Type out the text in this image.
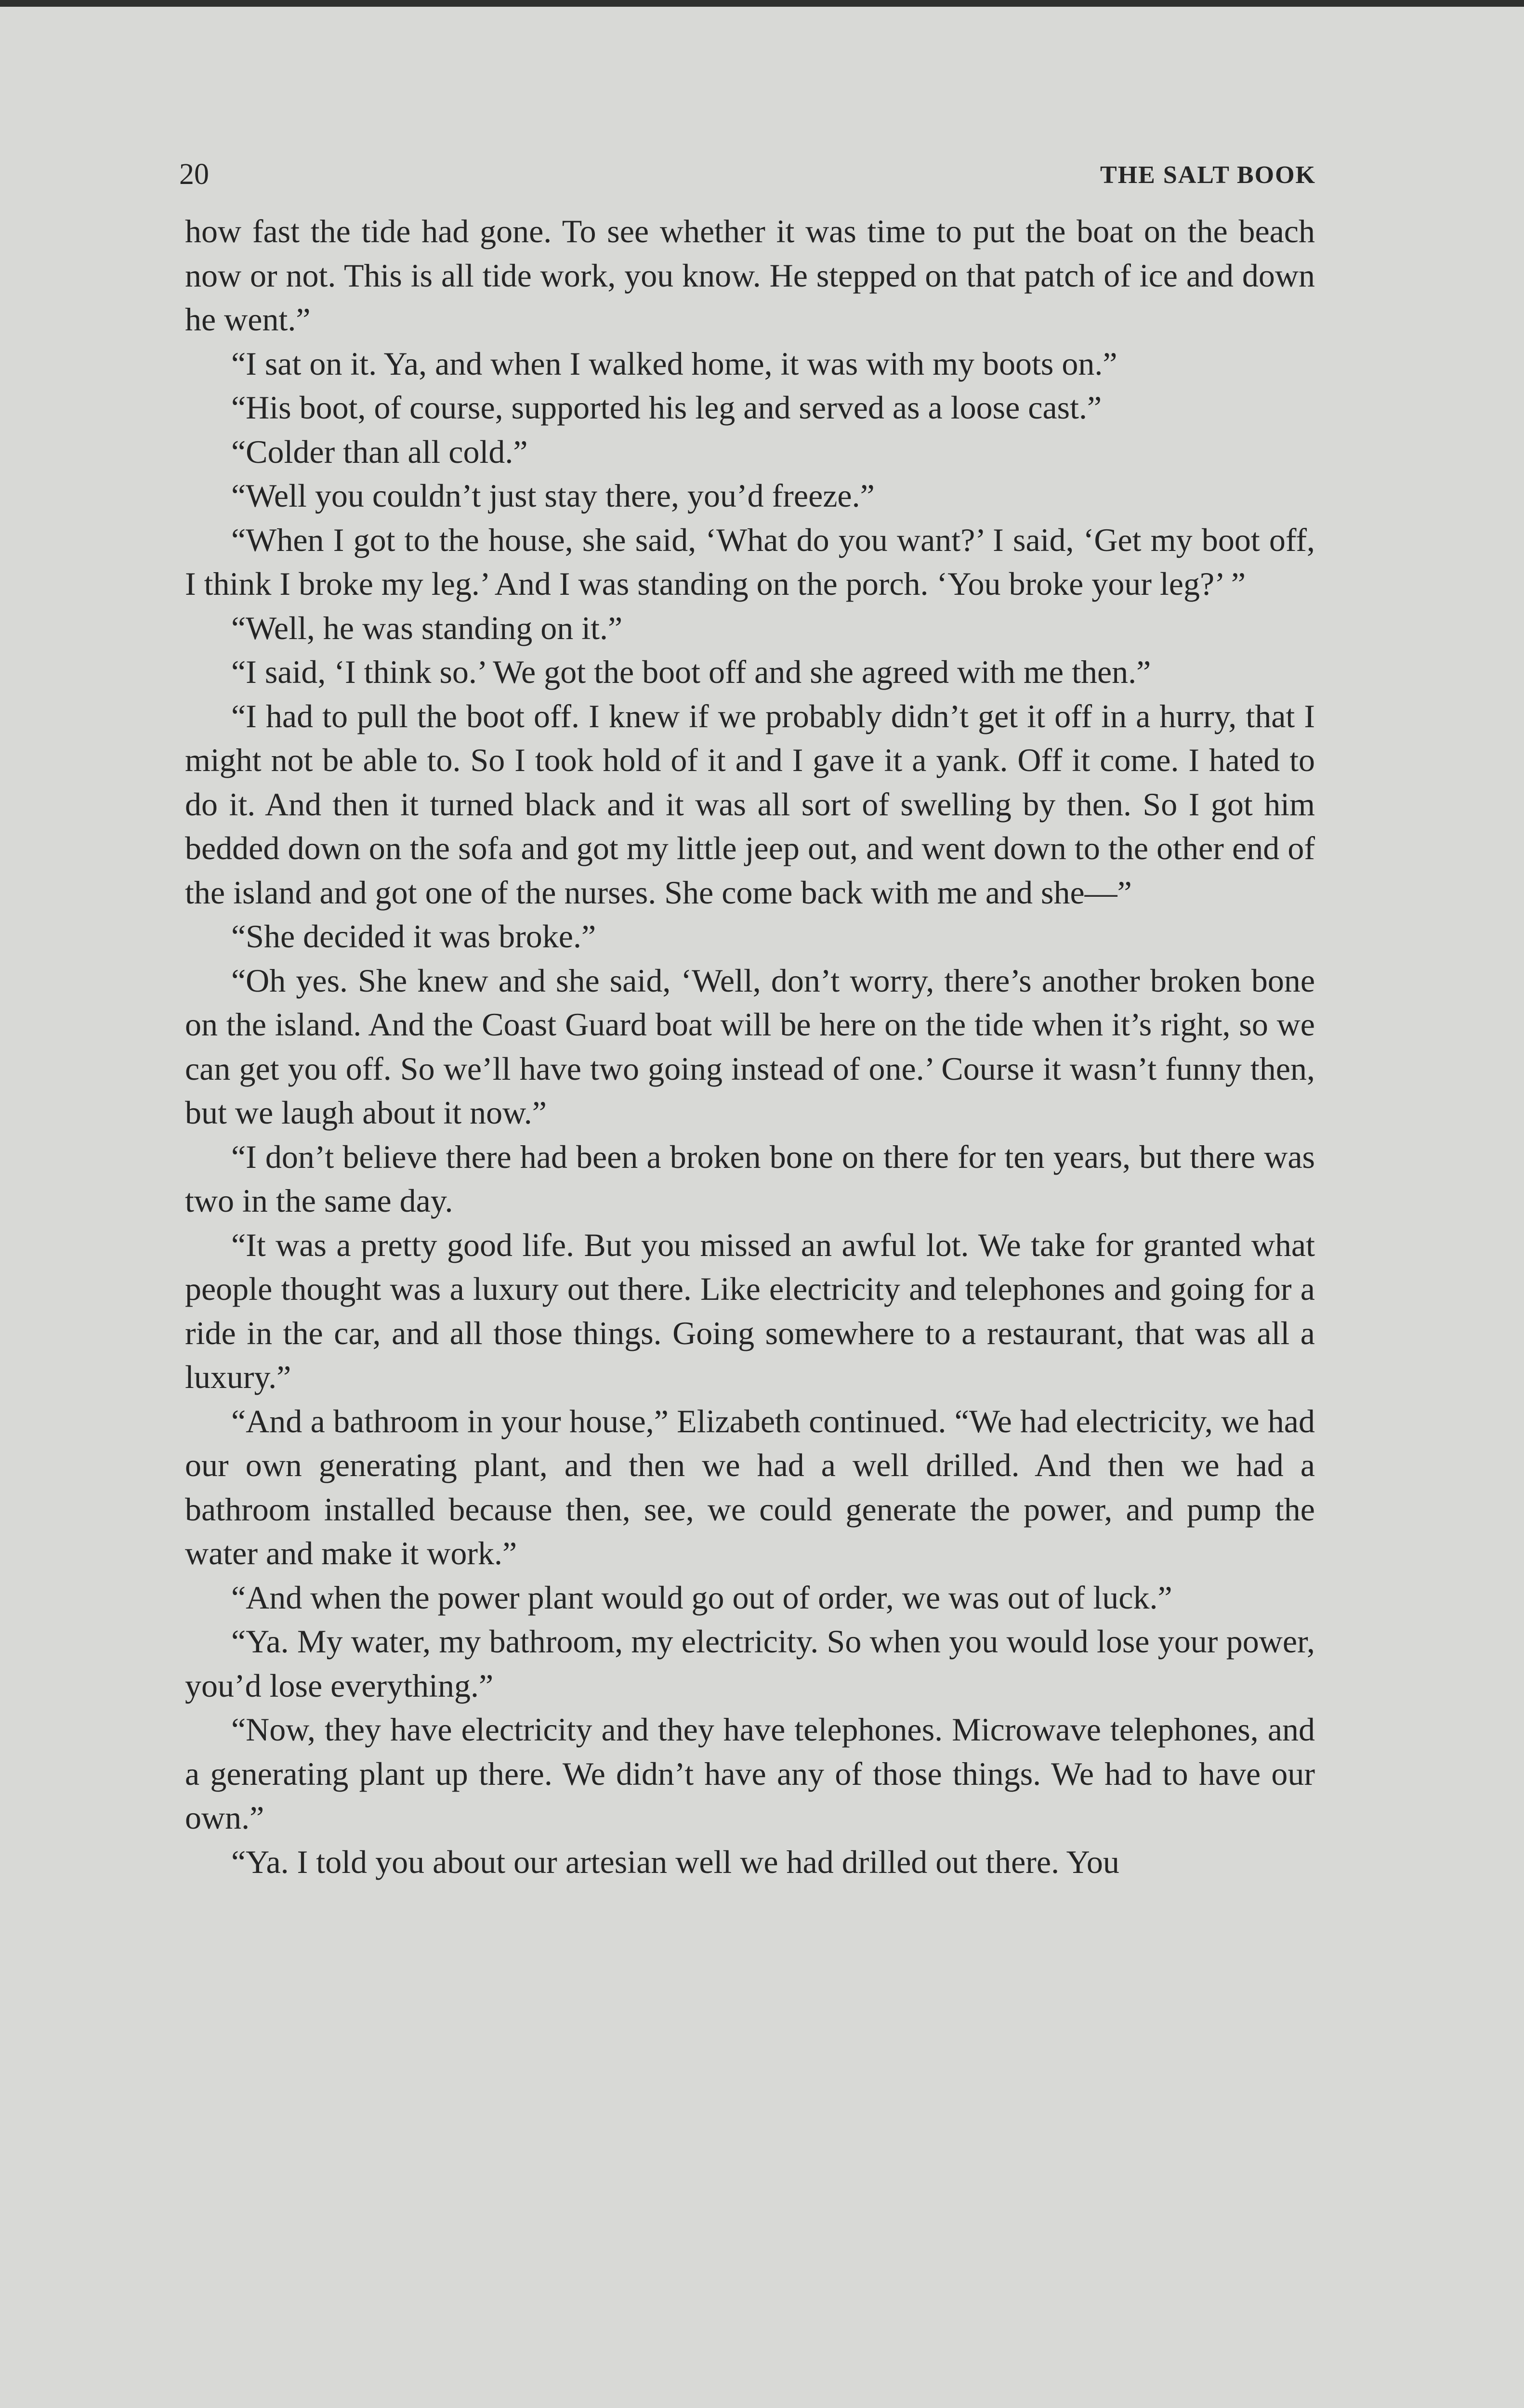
20	THE SALT BOOK

how fast the tide had gone. To see whether it was time to put the boat on the beach now or not. This is all tide work, you know. He stepped on that patch of ice and down he went.”

“I sat on it. Ya, and when I walked home, it was with my boots on.”

“His boot, of course, supported his leg and served as a loose cast.”

“Colder than all cold.”

“Well you couldn’t just stay there, you’d freeze.”

“When I got to the house, she said, ‘What do you want?’ I said, ‘Get my boot off, I think I broke my leg.’ And I was standing on the porch. ‘You broke your leg?’ ”

“Well, he was standing on it.”

“I said, ‘I think so.’ We got the boot off and she agreed with me then.”

“I had to pull the boot off. I knew if we probably didn’t get it off in a hurry, that I might not be able to. So I took hold of it and I gave it a yank. Off it come. I hated to do it. And then it turned black and it was all sort of swelling by then. So I got him bedded down on the sofa and got my little jeep out, and went down to the other end of the island and got one of the nurses. She come back with me and she—”

“She decided it was broke.”

“Oh yes. She knew and she said, ‘Well, don’t worry, there’s another broken bone on the island. And the Coast Guard boat will be here on the tide when it’s right, so we can get you off. So we’ll have two going instead of one.’ Course it wasn’t funny then, but we laugh about it now.”

“I don’t believe there had been a broken bone on there for ten years, but there was two in the same day.

“It was a pretty good life. But you missed an awful lot. We take for granted what people thought was a luxury out there. Like electricity and telephones and going for a ride in the car, and all those things. Going somewhere to a restaurant, that was all a luxury.”

“And a bathroom in your house,” Elizabeth continued. “We had electricity, we had our own generating plant, and then we had a well drilled. And then we had a bathroom installed because then, see, we could generate the power, and pump the water and make it work.”

“And when the power plant would go out of order, we was out of luck.”

“Ya. My water, my bathroom, my electricity. So when you would lose your power, you’d lose everything.”

“Now, they have electricity and they have telephones. Microwave telephones, and a generating plant up there. We didn’t have any of those things. We had to have our own.”

“Ya. I told you about our artesian well we had drilled out there. You
